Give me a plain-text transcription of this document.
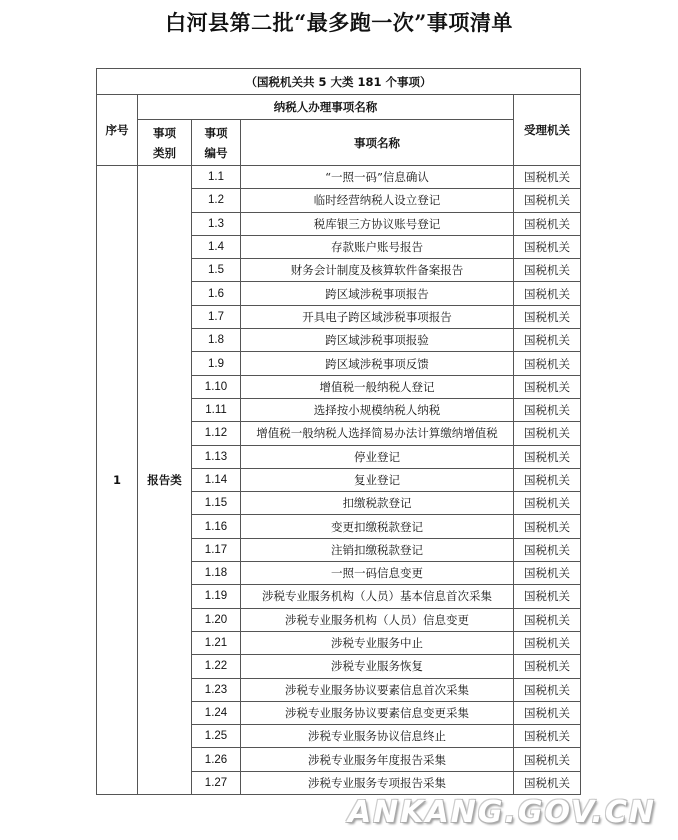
白河县第二批“最多跑一次”事项清单
（国税机关共 5 大类 181 个事项）				
序号	纳税人办理事项名称			受理机关

	事项类别	事项编号	事项名称	
1	报告类	1.1	“一照一码”信息确认	国税机关
		1.2	临时经营纳税人设立登记	国税机关
		1.3	税库银三方协议账号登记	国税机关
		1.4	存款账户账号报告	国税机关
		1.5	财务会计制度及核算软件备案报告	国税机关
		1.6	跨区域涉税事项报告	国税机关
		1.7	开具电子跨区域涉税事项报告	国税机关
		1.8	跨区域涉税事项报验	国税机关
		1.9	跨区域涉税事项反馈	国税机关
		1.10	增值税一般纳税人登记	国税机关
		1.11	选择按小规模纳税人纳税	国税机关
		1.12	增值税一般纳税人选择简易办法计算缴纳增值税	国税机关
		1.13	停业登记	国税机关
		1.14	复业登记	国税机关
		1.15	扣缴税款登记	国税机关
		1.16	变更扣缴税款登记	国税机关
		1.17	注销扣缴税款登记	国税机关
		1.18	一照一码信息变更	国税机关
		1.19	涉税专业服务机构（人员）基本信息首次采集	国税机关
		1.20	涉税专业服务机构（人员）信息变更	国税机关
		1.21	涉税专业服务中止	国税机关
		1.22	涉税专业服务恢复	国税机关
		1.23	涉税专业服务协议要素信息首次采集	国税机关
		1.24	涉税专业服务协议要素信息变更采集	国税机关
		1.25	涉税专业服务协议信息终止	国税机关
		1.26	涉税专业服务年度报告采集	国税机关
		1.27	涉税专业服务专项报告采集	国税机关
ANKANG.GOV.CN
